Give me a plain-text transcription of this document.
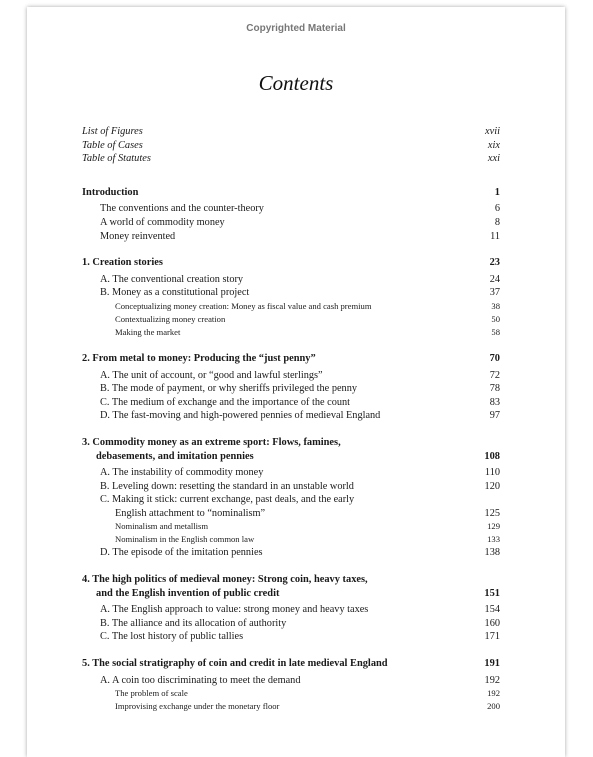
Copyrighted Material
Contents
List of Figures	xvii
Table of Cases	xix
Table of Statutes	xxi
Introduction	1
The conventions and the counter-theory	6
A world of commodity money	8
Money reinvented	11
1. Creation stories	23
A. The conventional creation story	24
B. Money as a constitutional project	37
Conceptualizing money creation: Money as fiscal value and cash premium	38
Contextualizing money creation	50
Making the market	58
2. From metal to money: Producing the “just penny”	70
A. The unit of account, or “good and lawful sterlings”	72
B. The mode of payment, or why sheriffs privileged the penny	78
C. The medium of exchange and the importance of the count	83
D. The fast-moving and high-powered pennies of medieval England	97
3. Commodity money as an extreme sport: Flows, famines,
debasements, and imitation pennies	108
A. The instability of commodity money	110
B. Leveling down: resetting the standard in an unstable world	120
C. Making it stick: current exchange, past deals, and the early
English attachment to “nominalism”	125
Nominalism and metallism	129
Nominalism in the English common law	133
D. The episode of the imitation pennies	138
4. The high politics of medieval money: Strong coin, heavy taxes,
and the English invention of public credit	151
A. The English approach to value: strong money and heavy taxes	154
B. The alliance and its allocation of authority	160
C. The lost history of public tallies	171
5. The social stratigraphy of coin and credit in late medieval England	191
A. A coin too discriminating to meet the demand	192
The problem of scale	192
Improvising exchange under the monetary floor	200
